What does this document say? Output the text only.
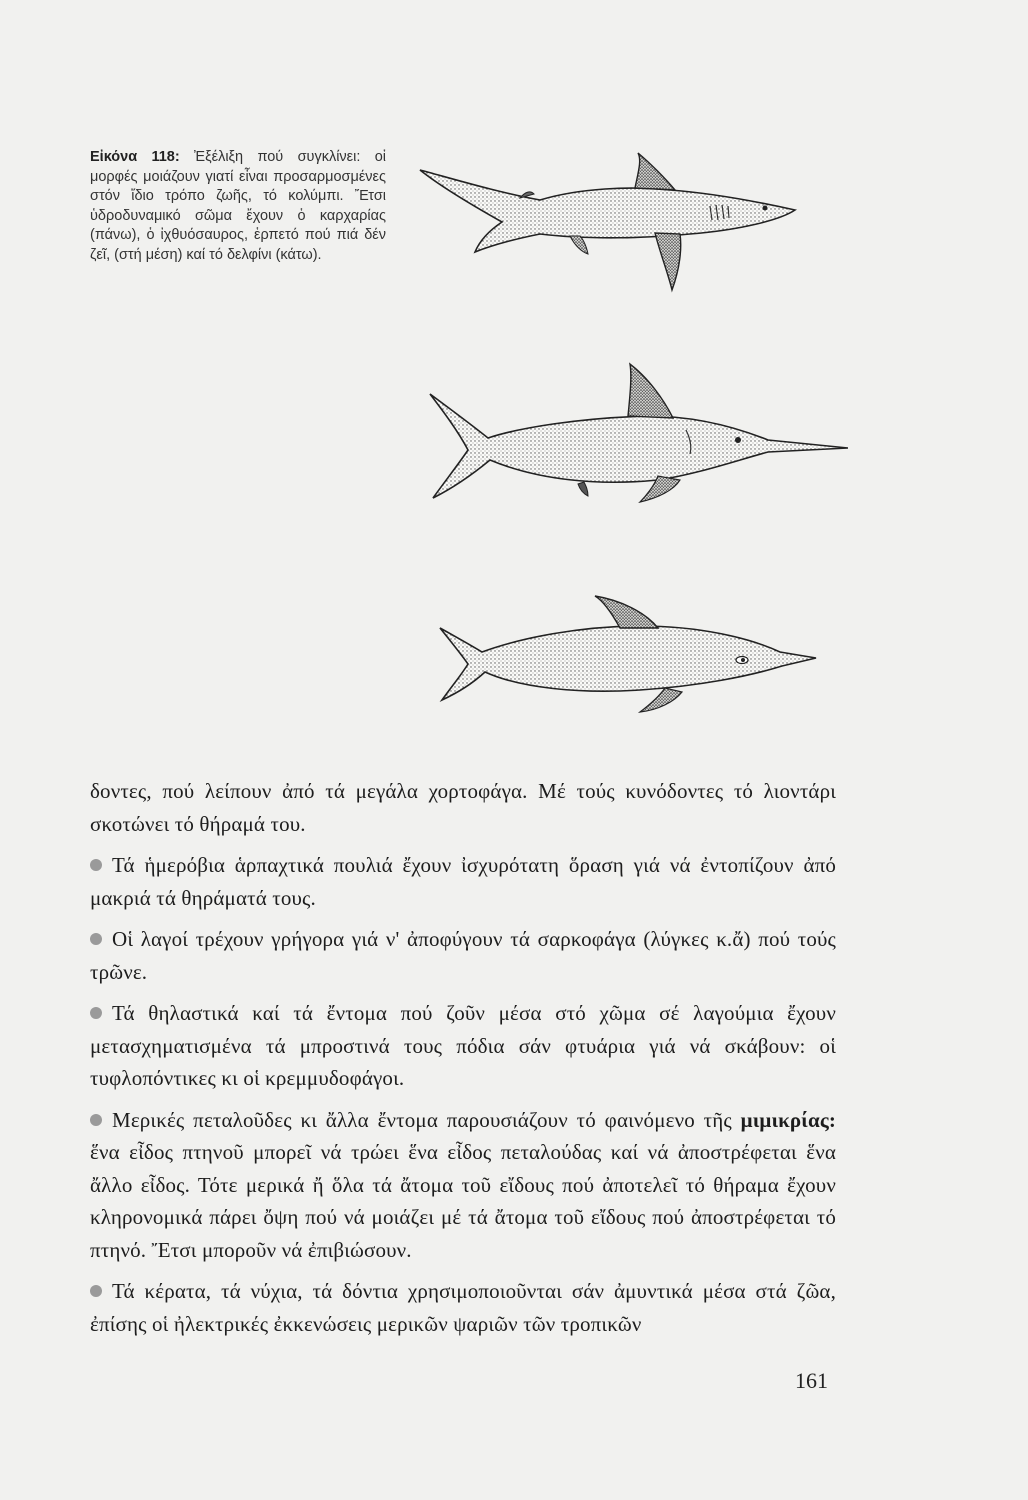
Εἰκόνα 118: Ἐξέλιξη πού συγκλίνει: οἱ μορφές μοιάζουν γιατί εἶναι προσαρμοσμένες στόν ἴδιο τρόπο ζωῆς, τό κολύμπι. Ἔτσι ὑδροδυναμικό σῶμα ἔχουν ὁ καρχαρίας (πάνω), ὁ ἰχθυόσαυρος, ἑρπετό πού πιά δέν ζεῖ, (στή μέση) καί τό δελφίνι (κάτω).

δοντες, πού λείπουν ἀπό τά μεγάλα χορτοφάγα. Μέ τούς κυνόδοντες τό λιοντάρι σκοτώνει τό θήραμά του.

Τά ἡμερόβια ἁρπαχτικά πουλιά ἔχουν ἰσχυρότατη ὅραση γιά νά ἐντοπίζουν ἀπό μακριά τά θηράματά τους.

Οἱ λαγοί τρέχουν γρήγορα γιά ν' ἀποφύγουν τά σαρκοφάγα (λύγκες κ.ἄ) πού τούς τρῶνε.

Τά θηλαστικά καί τά ἔντομα πού ζοῦν μέσα στό χῶμα σέ λαγούμια ἔχουν μετασχηματισμένα τά μπροστινά τους πόδια σάν φτυάρια γιά νά σκάβουν: οἱ τυφλοπόντικες κι οἱ κρεμμυδοφάγοι.

Μερικές πεταλοῦδες κι ἄλλα ἔντομα παρουσιάζουν τό φαινόμενο τῆς μιμικρίας: ἕνα εἶδος πτηνοῦ μπορεῖ νά τρώει ἕνα εἶδος πεταλούδας καί νά ἀποστρέφεται ἕνα ἄλλο εἶδος. Τότε μερικά ἤ ὅλα τά ἄτομα τοῦ εἴδους πού ἀποτελεῖ τό θήραμα ἔχουν κληρονομικά πάρει ὄψη πού νά μοιάζει μέ τά ἄτομα τοῦ εἴδους πού ἀποστρέφεται τό πτηνό. Ἔτσι μποροῦν νά ἐπιβιώσουν.

Τά κέρατα, τά νύχια, τά δόντια χρησιμοποιοῦνται σάν ἀμυντικά μέσα στά ζῶα, ἐπίσης οἱ ἠλεκτρικές ἐκκενώσεις μερικῶν ψαριῶν τῶν τροπικῶν

161
